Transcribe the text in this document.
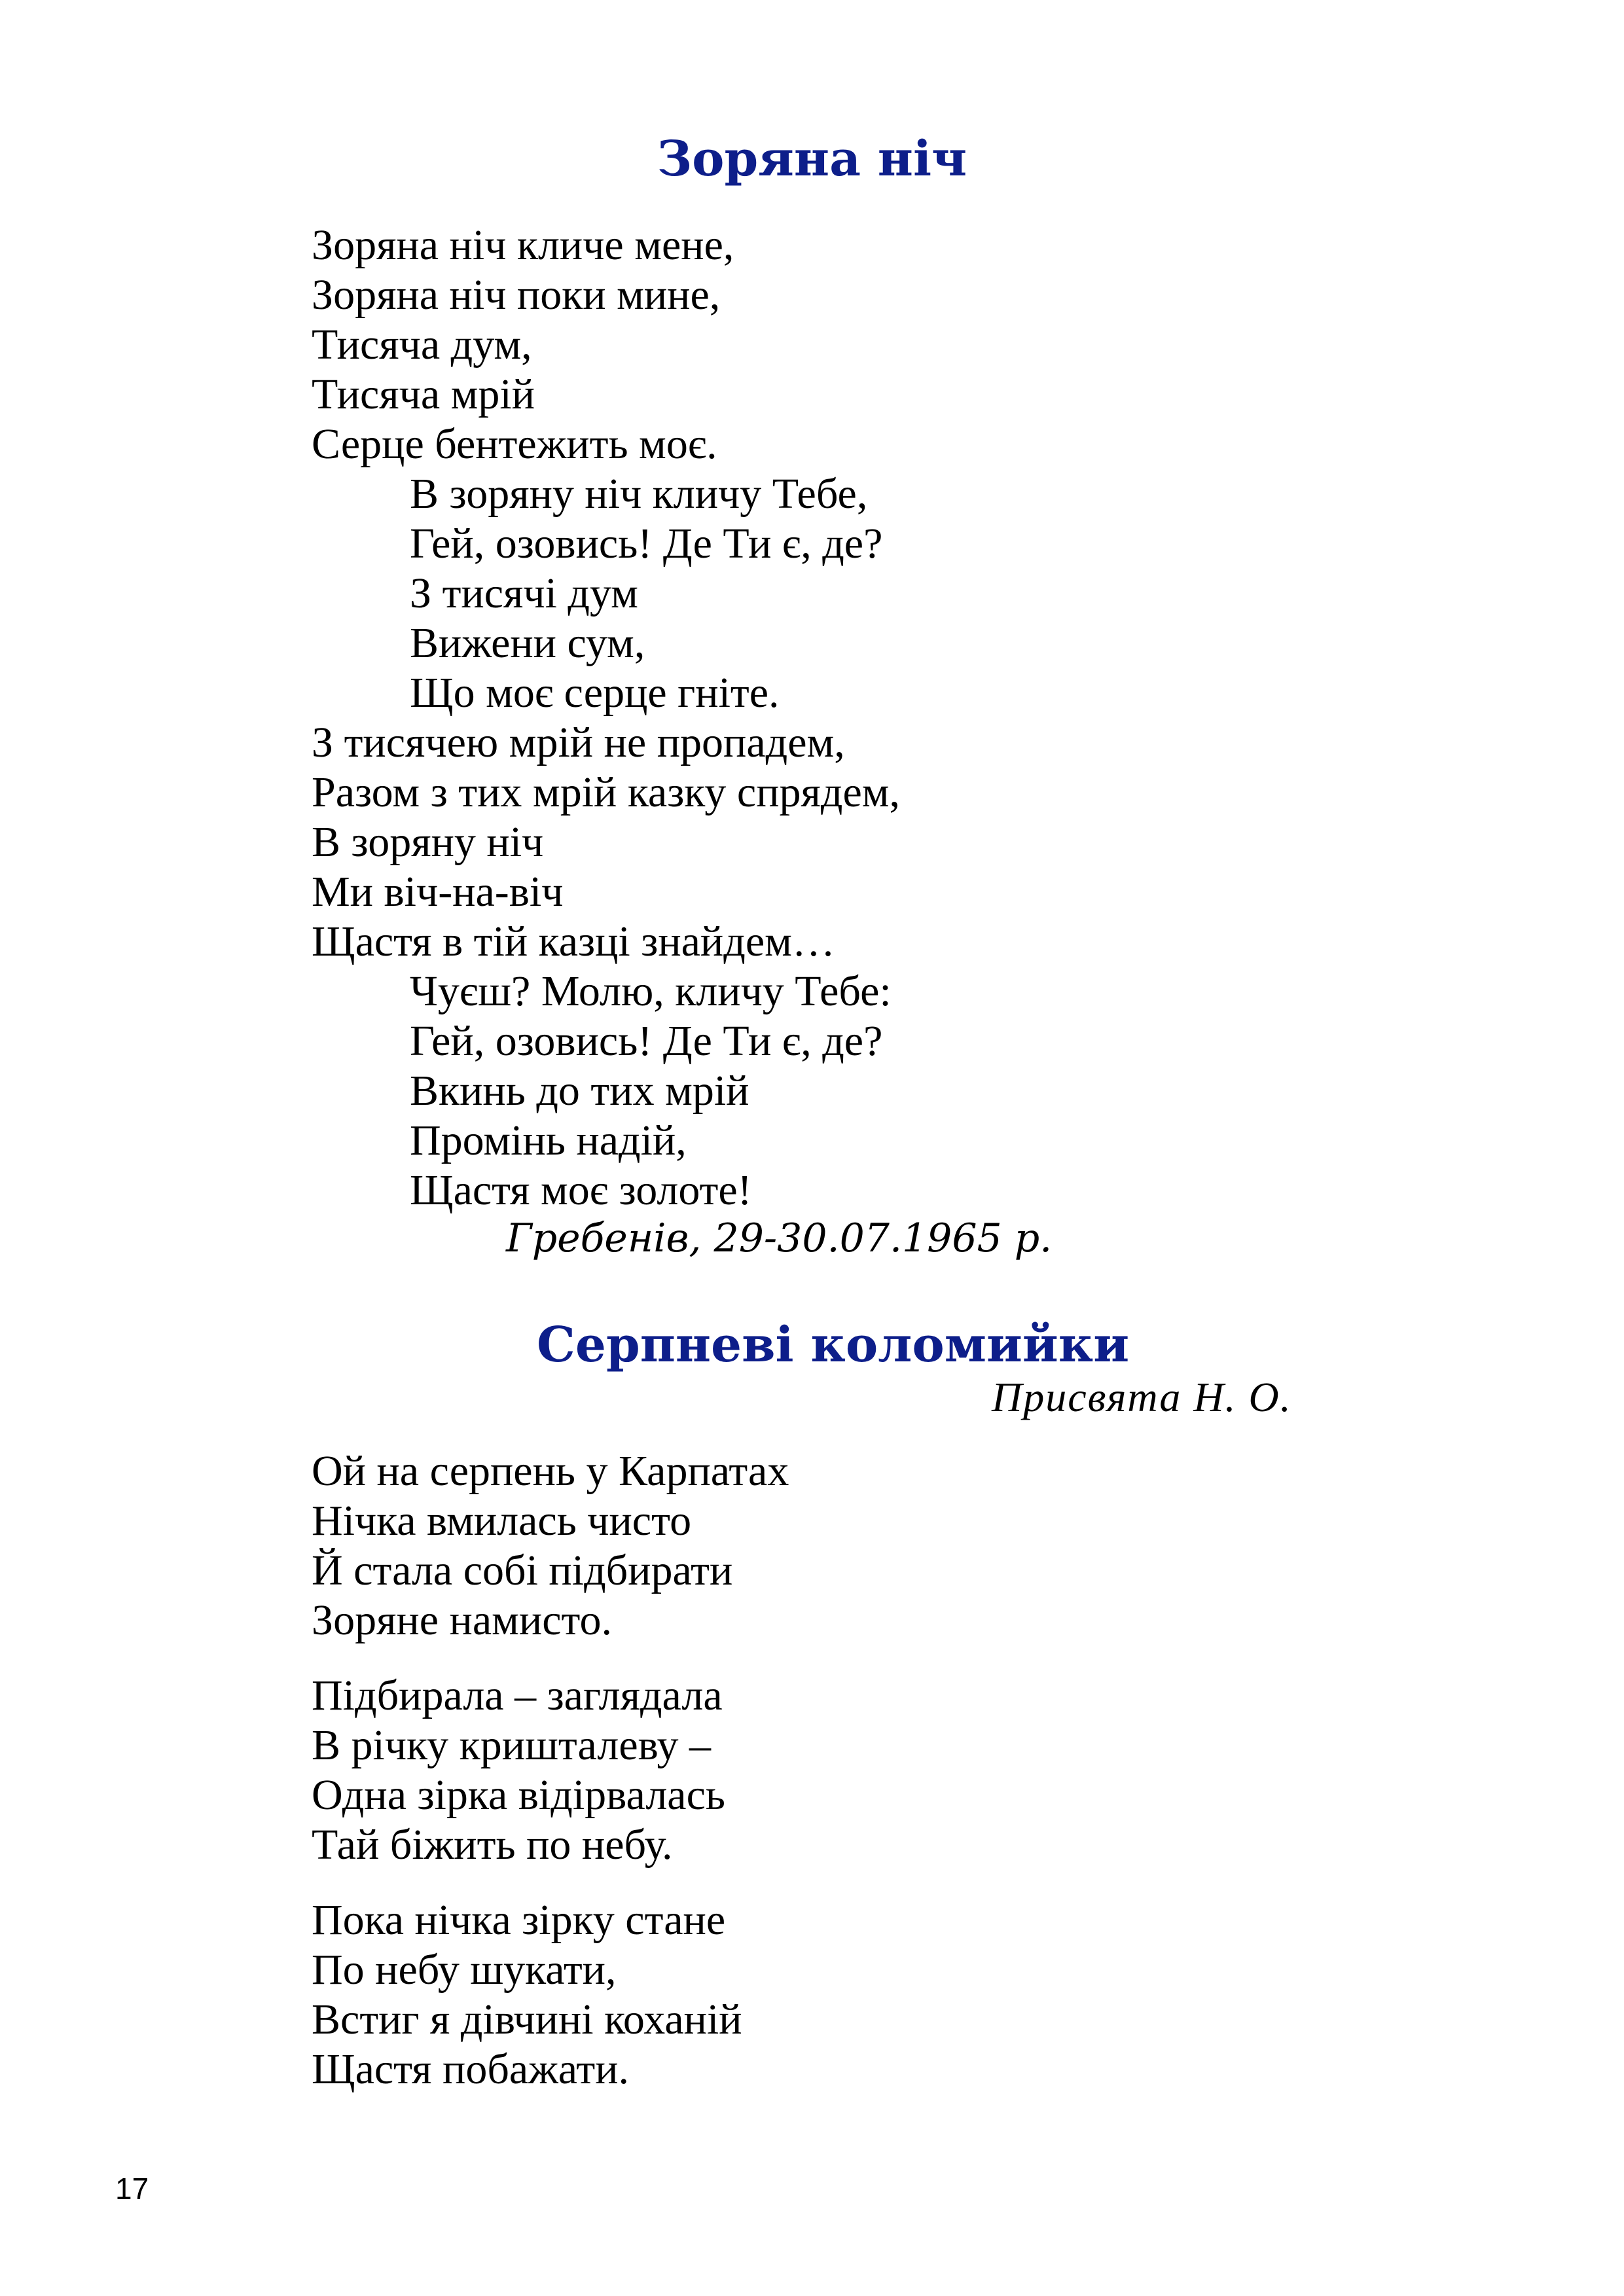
Зоряна ніч
Зоряна ніч кличе мене,
Зоряна ніч поки мине,
Тисяча дум,
Тисяча мрій
Серце бентежить моє.
В зоряну ніч кличу Тебе,
Гей, озовись! Де Ти є, де?
З тисячі дум
Вижени сум,
Що моє серце гніте.
З тисячею мрій не пропадем,
Разом з тих мрій казку спрядем,
В зоряну ніч
Ми віч-на-віч
Щастя в тій казці знайдем…
Чуєш? Молю, кличу Тебе:
Гей, озовись! Де Ти є, де?
Вкинь до тих мрій
Промінь надій,
Щастя моє золоте!
Гребенів, 29-30.07.1965 р.
Серпневі коломийки
Присвята Н. О.
Ой на серпень у Карпатах
Нічка вмилась чисто
Й стала собі підбирати
Зоряне намисто.
Підбирала – заглядала
В річку кришталеву –
Одна зірка відірвалась
Тай біжить по небу.
Пока нічка зірку стане
По небу шукати,
Встиг я дівчині коханій
Щастя побажати.
17
